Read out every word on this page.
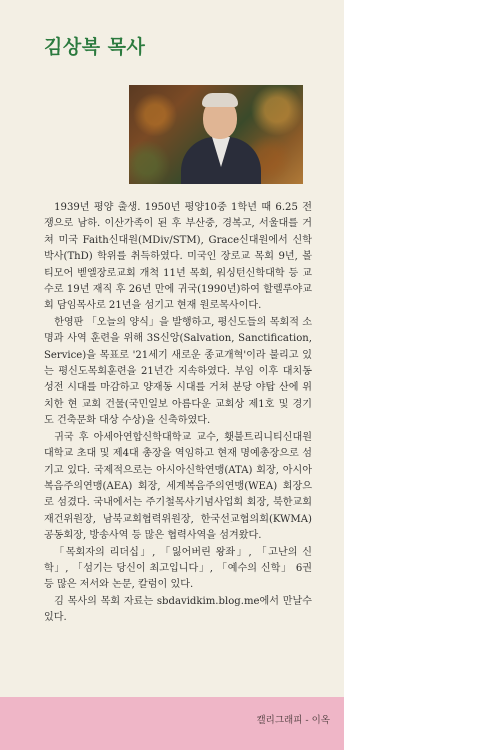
김상복 목사

1939년 평양 출생. 1950년 평양10중 1학년 때 6.25 전쟁으로 남하. 이산가족이 된 후 부산중, 경복고, 서울대를 거쳐 미국 Faith신대원(MDiv/STM), Grace신대원에서 신학박사(ThD) 학위를 취득하였다. 미국인 장로교 목회 9년, 볼티모어 벧엘장로교회 개척 11년 목회, 워싱턴신학대학 등 교수로 19년 재직 후 26년 만에 귀국(1990년)하여 할렐루야교회 담임목사로 21년을 섬기고 현재 원로목사이다.

한영판 「오늘의 양식」을 발행하고, 평신도들의 목회적 소명과 사역 훈련을 위해 3S신앙(Salvation, Sanctification, Service)을 목표로 '21세기 새로운 종교개혁'이라 불리고 있는 평신도목회훈련을 21년간 지속하였다. 부임 이후 대치동 성전 시대를 마감하고 양재동 시대를 거쳐 분당 야탑 산에 위치한 현 교회 건물(국민일보 아름다운 교회상 제1호 및 경기도 건축문화 대상 수상)을 신축하였다.

귀국 후 아세아연합신학대학교 교수, 횃불트리니티신대원 대학교 초대 및 제4대 총장을 역임하고 현재 명예총장으로 섬기고 있다. 국제적으로는 아시아신학연맹(ATA) 회장, 아시아복음주의연맹(AEA) 회장, 세계복음주의연맹(WEA) 회장으로 섬겼다. 국내에서는 주기철목사기념사업회 회장, 북한교회재건위원장, 남북교회협력위원장, 한국선교협의회(KWMA) 공동회장, 방송사역 등 많은 협력사역을 섬겨왔다.

「목회자의 리더십」, 「잃어버린 왕좌」, 「고난의 신학」, 「섬기는 당신이 최고입니다」, 「예수의 신학」 6권 등 많은 저서와 논문, 칼럼이 있다.

김 목사의 목회 자료는 sbdavidkim.blog.me에서 만날수 있다.

캘리그래피 - 이옥
